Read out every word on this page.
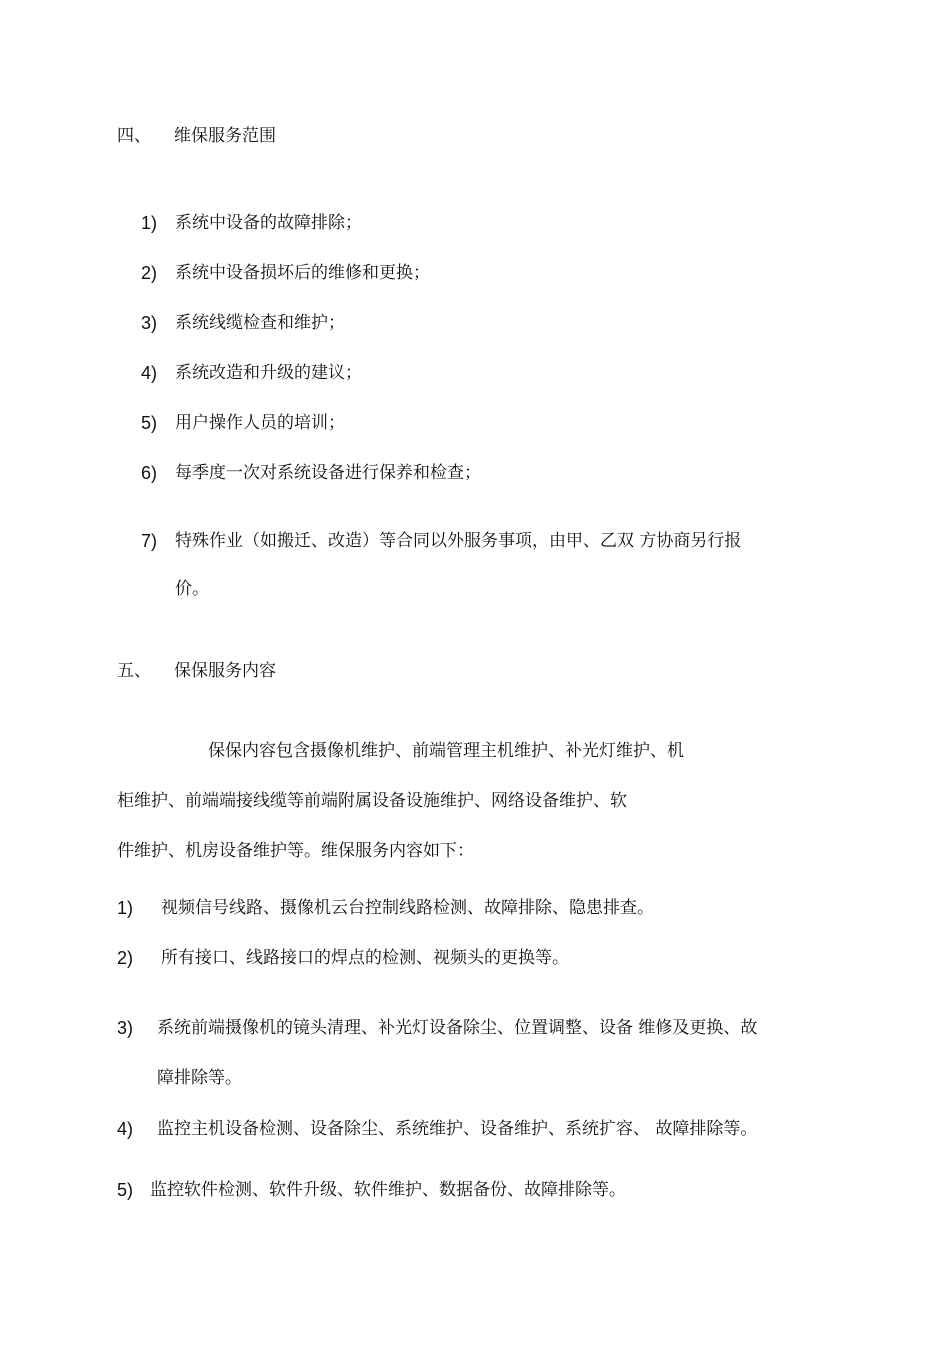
四、 维保服务范围
1) 系统中设备的故障排除；
2) 系统中设备损坏后的维修和更换；
3) 系统线缆检查和维护；
4) 系统改造和升级的建议；
5) 用户操作人员的培训；
6) 每季度一次对系统设备进行保养和检查；
7) 特殊作业（如搬迁、改造）等合同以外服务事项，由甲、乙双 方协商另行报
价。
五、 保保服务内容
保保内容包含摄像机维护、前端管理主机维护、补光灯维护、机
柜维护、前端端接线缆等前端附属设备设施维护、网络设备维护、软
件维护、机房设备维护等。维保服务内容如下：
1) 视频信号线路、摄像机云台控制线路检测、故障排除、隐患排查。
2) 所有接口、线路接口的焊点的检测、视频头的更换等。
3) 系统前端摄像机的镜头清理、补光灯设备除尘、位置调整、设备 维修及更换、故
障排除等。
4) 监控主机设备检测、设备除尘、系统维护、设备维护、系统扩容、 故障排除等。
5) 监控软件检测、软件升级、软件维护、数据备份、故障排除等。
